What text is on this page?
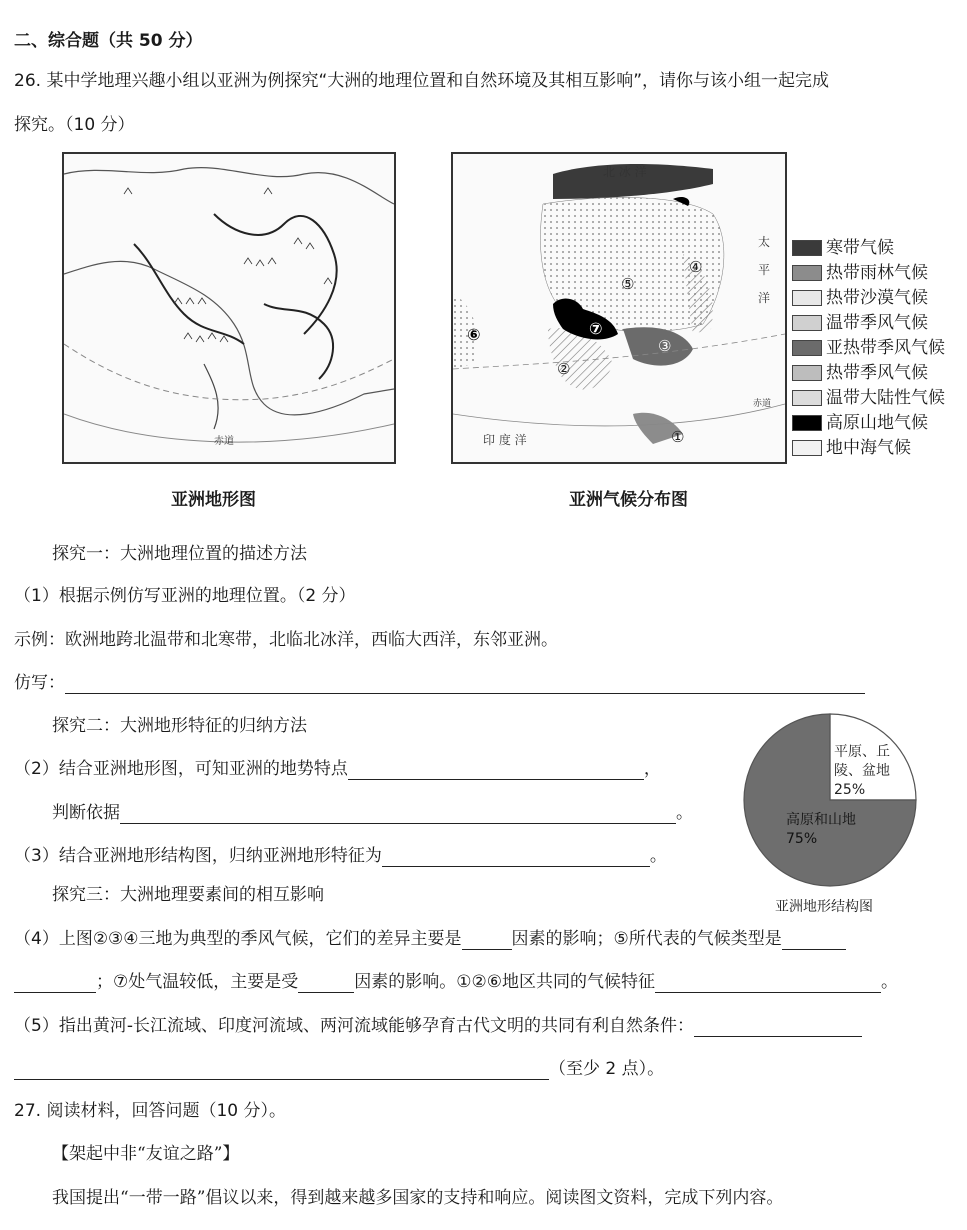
二、综合题（共 50 分）
26. 某中学地理兴趣小组以亚洲为例探究“大洲的地理位置和自然环境及其相互影响”，请你与该小组一起完成
探究。（10 分）
赤道
北 冰 洋
太
平
洋
印 度 洋
赤道
①
②
③
④
⑤
⑥	⑦
寒带气候
热带雨林气候
热带沙漠气候
温带季风气候
亚热带季风气候
热带季风气候
温带大陆性气候
高原山地气候
地中海气候
亚洲地形图	亚洲气候分布图
探究一：大洲地理位置的描述方法
（1）根据示例仿写亚洲的地理位置。（2 分）
示例：欧洲地跨北温带和北寒带，北临北冰洋，西临大西洋，东邻亚洲。
仿写：
探究二：大洲地形特征的归纳方法
（2）结合亚洲地形图，可知亚洲的地势特点	，
判断依据	。
（3）结合亚洲地形结构图，归纳亚洲地形特征为	。
平原、丘
陵、盆地
25%
高原和山地
75%
亚洲地形结构图
探究三：大洲地理要素间的相互影响
（4）上图②③④三地为典型的季风气候，它们的差异主要是	因素的影响；⑤所代表的气候类型是
；⑦处气温较低，主要是受	因素的影响。①②⑥地区共同的气候特征	。
（5）指出黄河-长江流域、印度河流域、两河流域能够孕育古代文明的共同有利自然条件：
（至少 2 点）。
27. 阅读材料，回答问题（10 分）。
【架起中非“友谊之路”】
我国提出“一带一路”倡议以来，得到越来越多国家的支持和响应。阅读图文资料，完成下列内容。
